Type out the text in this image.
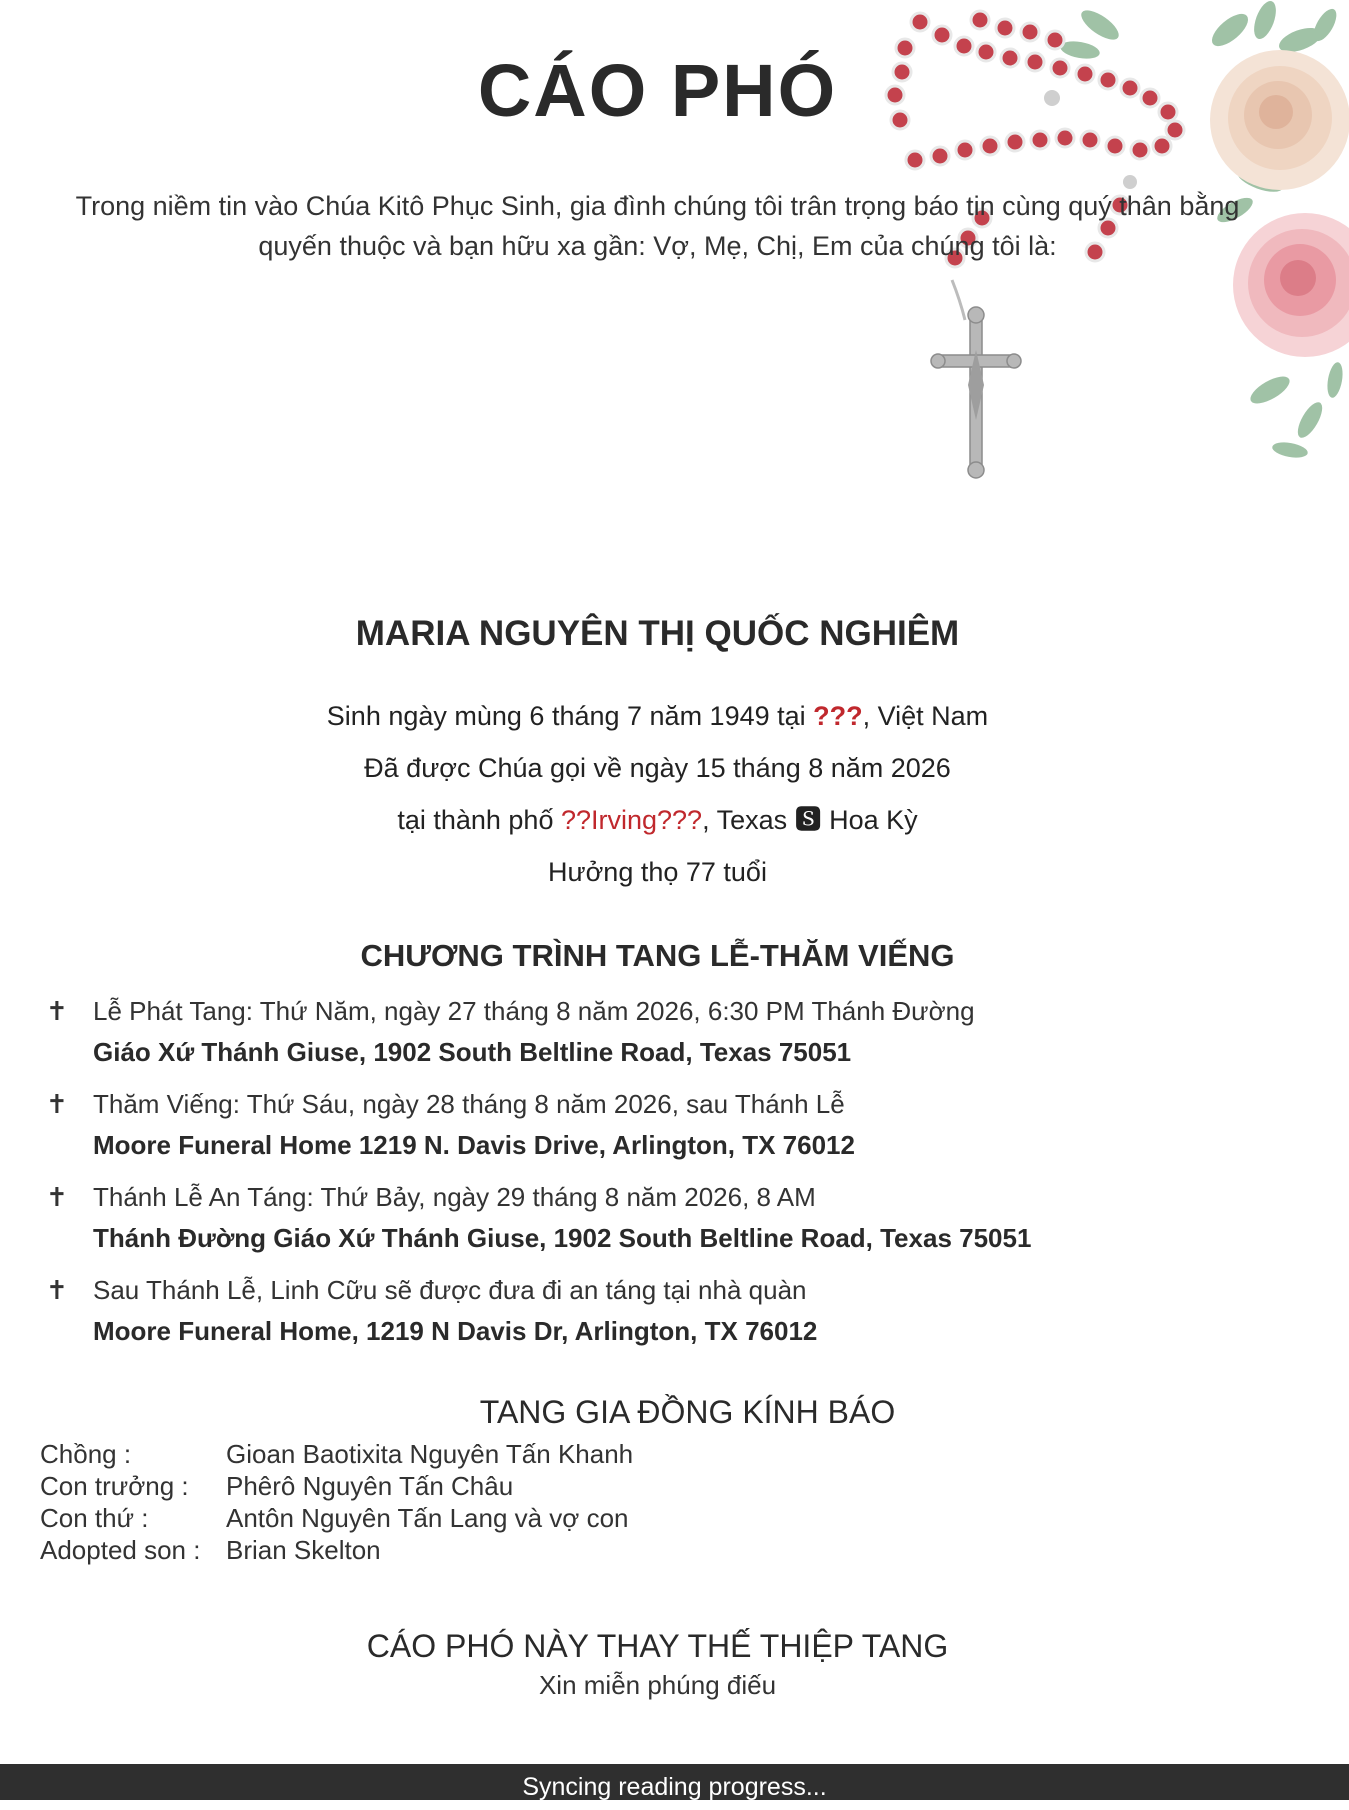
CÁO PHÓ
Trong niềm tin vào Chúa Kitô Phục Sinh, gia đình chúng tôi trân trọng báo tin cùng quý thân bằng quyến thuộc và bạn hữu xa gần: Vợ, Mẹ, Chị, Em của chúng tôi là:
MARIA NGUYÊN THỊ QUỐC NGHIÊM
Sinh ngày mùng 6 tháng 7 năm 1949 tại ???, Việt Nam
Đã được Chúa gọi về ngày 15 tháng 8 năm 2026
tại thành phố ??Irving???, Texas ⁠🆂 Hoa Kỳ
Hưởng thọ 77 tuổi
CHƯƠNG TRÌNH TANG LỄ-THĂM VIẾNG
✝ Lễ Phát Tang: Thứ Năm, ngày 27 tháng 8 năm 2026, 6:30 PM Thánh Đường
Giáo Xứ Thánh Giuse, 1902 South Beltline Road, Texas 75051
✝ Thăm Viếng: Thứ Sáu, ngày 28 tháng 8 năm 2026, sau Thánh Lễ
Moore Funeral Home 1219 N. Davis Drive, Arlington, TX 76012
✝ Thánh Lễ An Táng: Thứ Bảy, ngày 29 tháng 8 năm 2026, 8 AM
Thánh Đường Giáo Xứ Thánh Giuse, 1902 South Beltline Road, Texas 75051
✝ Sau Thánh Lễ, Linh Cữu sẽ được đưa đi an táng tại nhà quàn
Moore Funeral Home, 1219 N Davis Dr, Arlington, TX 76012
TANG GIA ĐỒNG KÍNH BÁO
Chồng :	Gioan Baotixita Nguyên Tấn Khanh
Con trưởng : Phêrô Nguyên Tấn Châu
Con thứ :	Antôn Nguyên Tấn Lang và vợ con
Adopted son : Brian Skelton
CÁO PHÓ NÀY THAY THẾ THIỆP TANG
Xin miễn phúng điếu
Syncing reading progress...
